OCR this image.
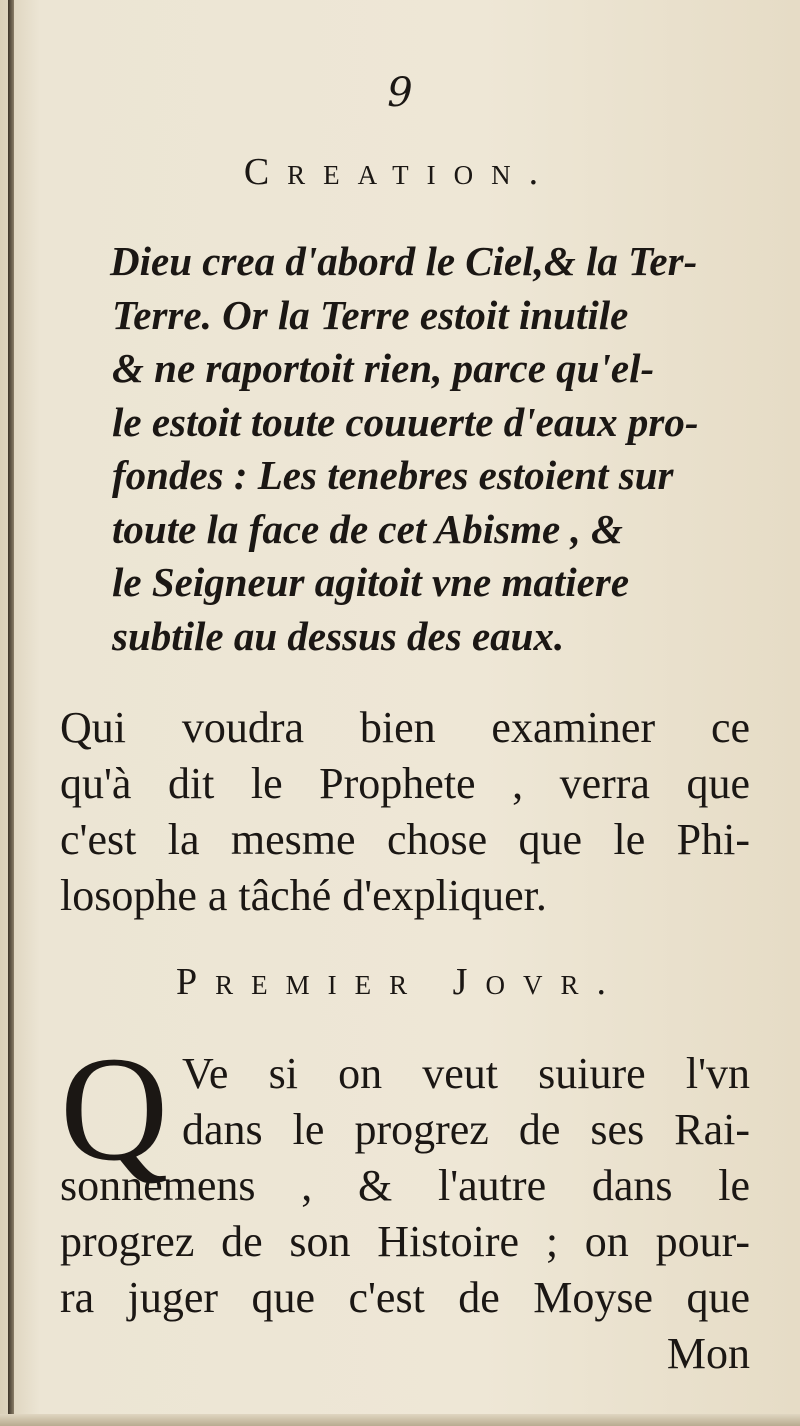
9
Creation.
Dieu crea d'abord le Ciel,& la Ter-
Terre. Or la Terre estoit inutile
& ne raportoit rien, parce qu'el-
le estoit toute couuerte d'eaux pro-
fondes : Les tenebres estoient sur
toute la face de cet Abisme , &
le Seigneur agitoit vne matiere
subtile au dessus des eaux.
Qui voudra bien examiner ce
qu'à dit le Prophete , verra que
c'est la mesme chose que le Phi-
losophe a tâché d'expliquer.
Premier Jovr.
Q Ve si on veut suiure l'vn
dans le progrez de ses Rai-
sonnemens , & l'autre dans le
progrez de son Histoire ; on pour-
ra juger que c'est de Moyse que
Mon
